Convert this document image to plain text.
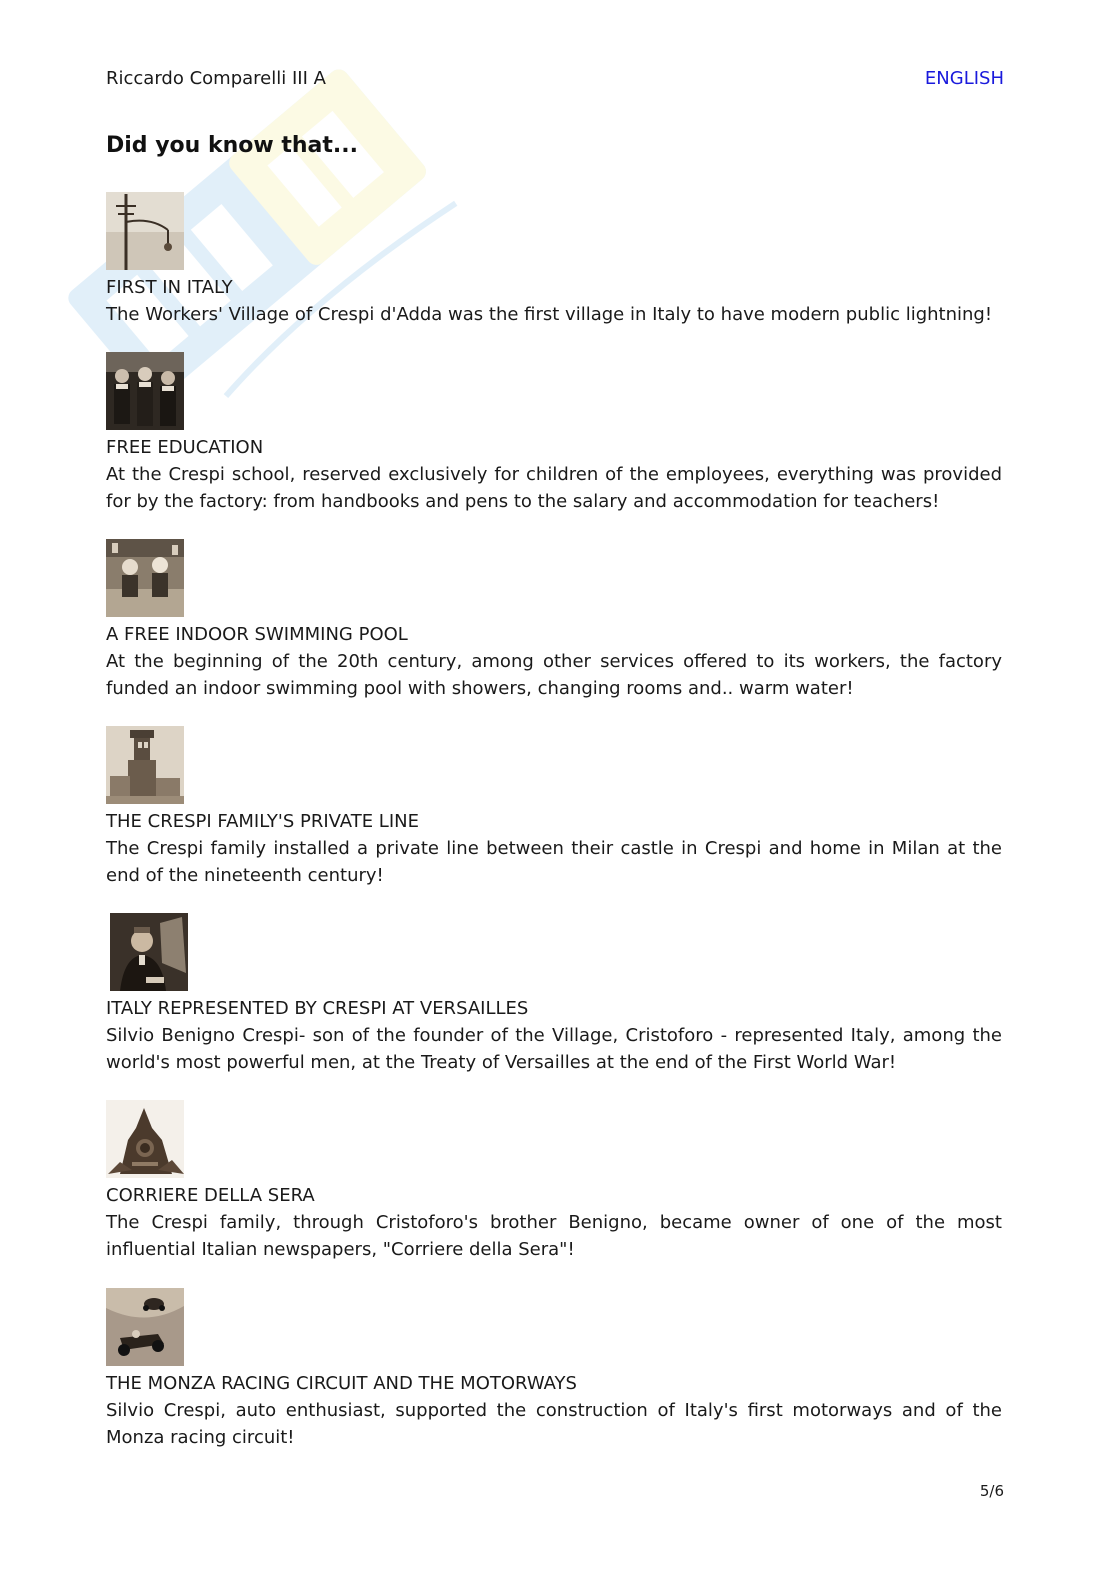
Riccardo Comparelli III A	ENGLISH
Did you know that...
FIRST IN ITALY
The Workers' Village of Crespi d'Adda was the first village in Italy to have modern public lightning!
FREE EDUCATION
At the Crespi school, reserved exclusively for children of the employees, everything was provided for by the factory: from handbooks and pens to the salary and accommodation for teachers!
A FREE INDOOR SWIMMING POOL
At the beginning of the 20th century, among other services offered to its workers, the factory funded an indoor swimming pool with showers, changing rooms and.. warm water!
THE CRESPI FAMILY'S PRIVATE LINE
The Crespi family installed a private line between their castle in Crespi and home in Milan at the end of the nineteenth century!
ITALY REPRESENTED BY CRESPI AT VERSAILLES
Silvio Benigno Crespi- son of the founder of the Village, Cristoforo - represented Italy, among the world's most powerful men, at the Treaty of Versailles at the end of the First World War!
CORRIERE DELLA SERA
The Crespi family, through Cristoforo's brother Benigno, became owner of one of the most influential Italian newspapers, "Corriere della Sera"!
THE MONZA RACING CIRCUIT AND THE MOTORWAYS
Silvio Crespi, auto enthusiast, supported the construction of Italy's first motorways and of the Monza racing circuit!
5/6
